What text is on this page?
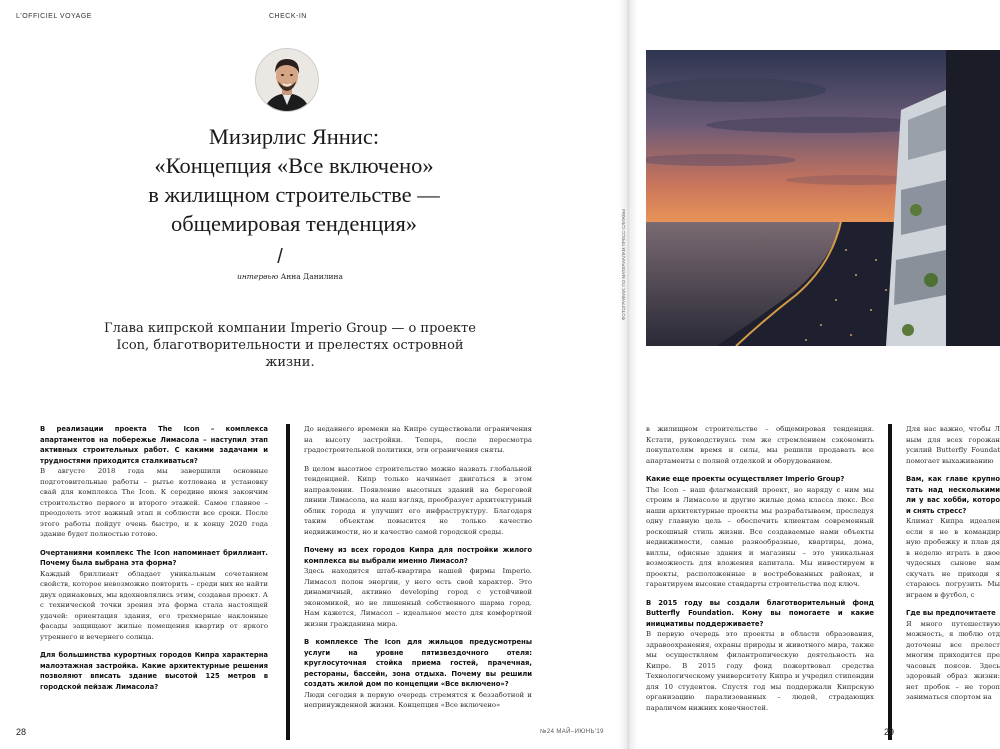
L'OFFICIEL VOYAGE	CHECK-IN
Мизирлис Яннис:
«Концепция «Все включено»
в жилищном строительстве —
общемировая тенденция»
/
интервью Анна Данилина
Глава кипрской компании Imperio Group — о проекте Icon, благотворительности и прелестях островной жизни.

В реализации проекта The Icon – комплекса апартаментов на побережье Лимасола – наступил этап активных строительных работ. С какими задачами и трудностями приходится сталкиваться?

В августе 2018 года мы завершили основные подготовительные работы – рытье котлована и установку свай для комплекса The Icon. К середине июня закончим строительство первого и второго этажей. Самое главное – преодолеть этот важный этап и соблюсти все сроки. После этого работы пойдут очень быстро, и к концу 2020 года здание будет полностью готово.

Очертаниями комплекс The Icon напоминает бриллиант. Почему была выбрана эта форма?

Каждый бриллиант обладает уникальным сочетанием свойств, которое невозможно повторить – среди них не найти двух одинаковых, мы вдохновлялись этим, создавая проект. А с технической точки зрения эта форма стала настоящей удачей: ориентация здания, его трехмерные наклонные фасады защищают жилые помещения квартир от яркого утреннего и вечернего солнца.

Для большинства курортных городов Кипра характерна малоэтажная застройка. Какие архитектурные решения позволяют вписать здание высотой 125 метров в городской пейзаж Лимасола?

До недавнего времени на Кипре существовали ограничения на высоту застройки. Теперь, после пересмотра градостроительной политики, эти ограничения сняты.

В целом высотное строительство можно назвать глобальной тенденцией. Кипр только начинает двигаться в этом направлении. Появление высотных зданий на береговой линии Лимасола, на наш взгляд, преобразует архитектурный облик города и улучшит его инфраструктуру. Благодаря таким объектам повысится не только качество недвижимости, но и качество самой городской среды.

Почему из всех городов Кипра для постройки жилого комплекса вы выбрали именно Лимасол?

Здесь находится штаб-квартира нашей фирмы Imperio. Лимасол полон энергии, у него есть свой характер. Это динамичный, активно developing город с устойчивой экономикой, но не лишенный собственного шарма город. Нам кажется, Лимасол – идеальное место для комфортной жизни гражданина мира.

В комплексе The Icon для жильцов предусмотрены услуги на уровне пятизвездочного отеля: круглосуточная стойка приема гостей, прачечная, рестораны, бассейн, зона отдыха. Почему вы решили создать жилой дом по концепции «Все включено»?

Люди сегодня в первую очередь стремятся к беззаботной и непринужденной жизни. Концепция «Все включено»

ФОТОГРАФИИ: ПО МАТЕРИАЛАМ ПРЕСС-СЛУЖБЫ

в жилищном строительстве – общемировая тенденция. Кстати, руководствуясь тем же стремлением сэкономить покупателям время и силы, мы решили продавать все апартаменты с полной отделкой и оборудованием.

Какие еще проекты осуществляет Imperio Group?

The Icon – наш флагманский проект, но наряду с ним мы строим в Лимасоле и другие жилые дома класса люкс. Все наши архитектурные проекты мы разрабатываем, преследуя одну главную цель – обеспечить клиентам современный роскошный стиль жизни. Все создаваемые нами объекты недвижимости, самые разнообразные, квартиры, дома, виллы, офисные здания и магазины – это уникальная возможность для вложения капитала. Мы инвестируем в проекты, расположенные в востребованных районах, и гарантируем высокие стандарты строительства под ключ.

В 2015 году вы создали благотворительный фонд Butterfly Foundation. Кому вы помогаете и какие инициативы поддерживаете?

В первую очередь это проекты в области образования, здравоохранения, охраны природы и животного мира, также мы осуществляем филантропическую деятельность на Кипре. В 2015 году фонд пожертвовал средства Технологическому университету Кипра и учредил стипендии для 10 студентов. Спустя год мы поддержали Кипрскую организацию парализованных – людей, страдающих параличом нижних конечностей.

Для нас важно, чтобы Л ным для всех горожан усилий Butterfly Foundat помогает выхаживанию

Вам, как главе крупно тать над несколькими ли у вас хобби, которо и снять стресс?

Климат Кипра идеален если я не в командир ную пробежку и плав дя в неделю играть в двое чудесных сынове нам скучать не приходи я стараюсь погрузить Мы играем в футбол, с

Где вы предпочитаете

Я много путешествую можность, я люблю отд доточены все прелест многим приходится пре часовых поясов. Здесь здоровый образ жизни: нет пробок – не тороп заниматься спортом на

28	№24 МАЙ–ИЮНЬ'19	29
